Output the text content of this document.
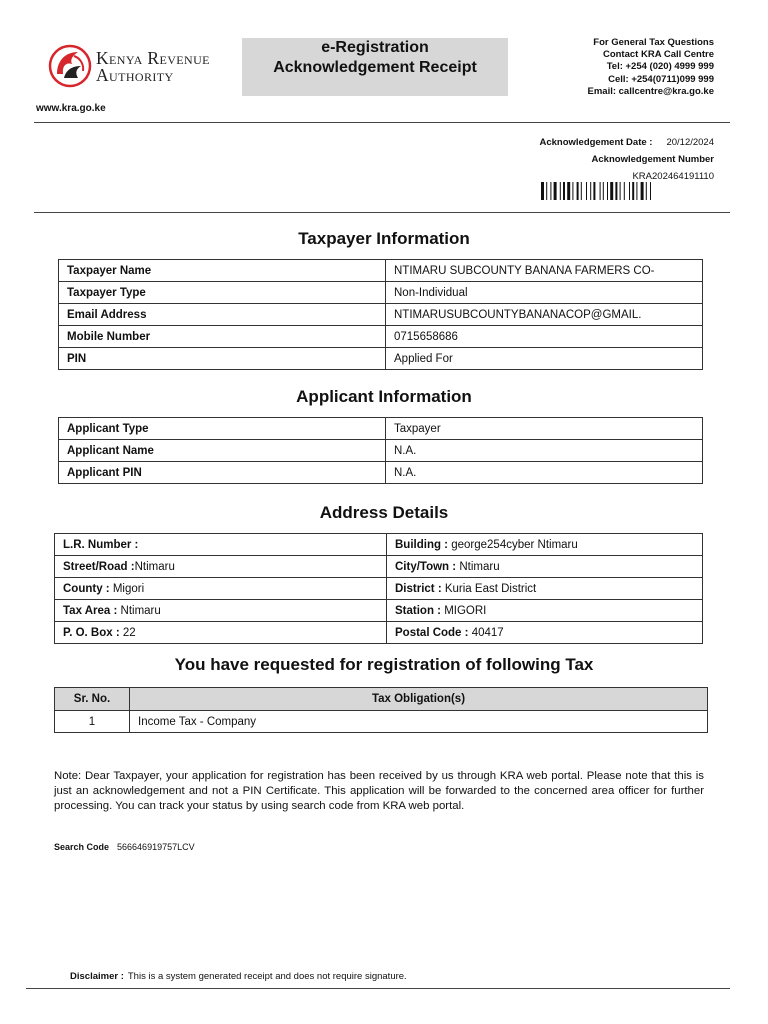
Kenya Revenue
Authority
www.kra.go.ke
e-Registration
Acknowledgement Receipt
For General Tax Questions
Contact KRA Call Centre
Tel: +254 (020) 4999 999
Cell: +254(0711)099 999
Email: callcentre@kra.go.ke
Acknowledgement Date : 20/12/2024
Acknowledgement Number
KRA202464191110
Taxpayer Information
Taxpayer Name	NTIMARU SUBCOUNTY BANANA FARMERS CO-
Taxpayer Type	Non-Individual
Email Address	NTIMARUSUBCOUNTYBANANACOP@GMAIL.
Mobile Number	0715658686
PIN	Applied For
Applicant Information
Applicant Type	Taxpayer
Applicant Name	N.A.
Applicant PIN	N.A.
Address Details
L.R. Number :	Building : george254cyber Ntimaru
Street/Road :Ntimaru	City/Town : Ntimaru
County : Migori	District : Kuria East District
Tax Area : Ntimaru	Station : MIGORI
P. O. Box : 22	Postal Code : 40417
You have requested for registration of following Tax
Sr. No.	Tax Obligation(s)
1	Income Tax - Company
Note: Dear Taxpayer, your application for registration has been received by us through KRA web portal. Please note that this is just an acknowledgement and not a PIN Certificate. This application will be forwarded to the concerned area officer for further processing. You can track your status by using search code from KRA web portal.
Search Code 566646919757LCV
Disclaimer : This is a system generated receipt and does not require signature.
